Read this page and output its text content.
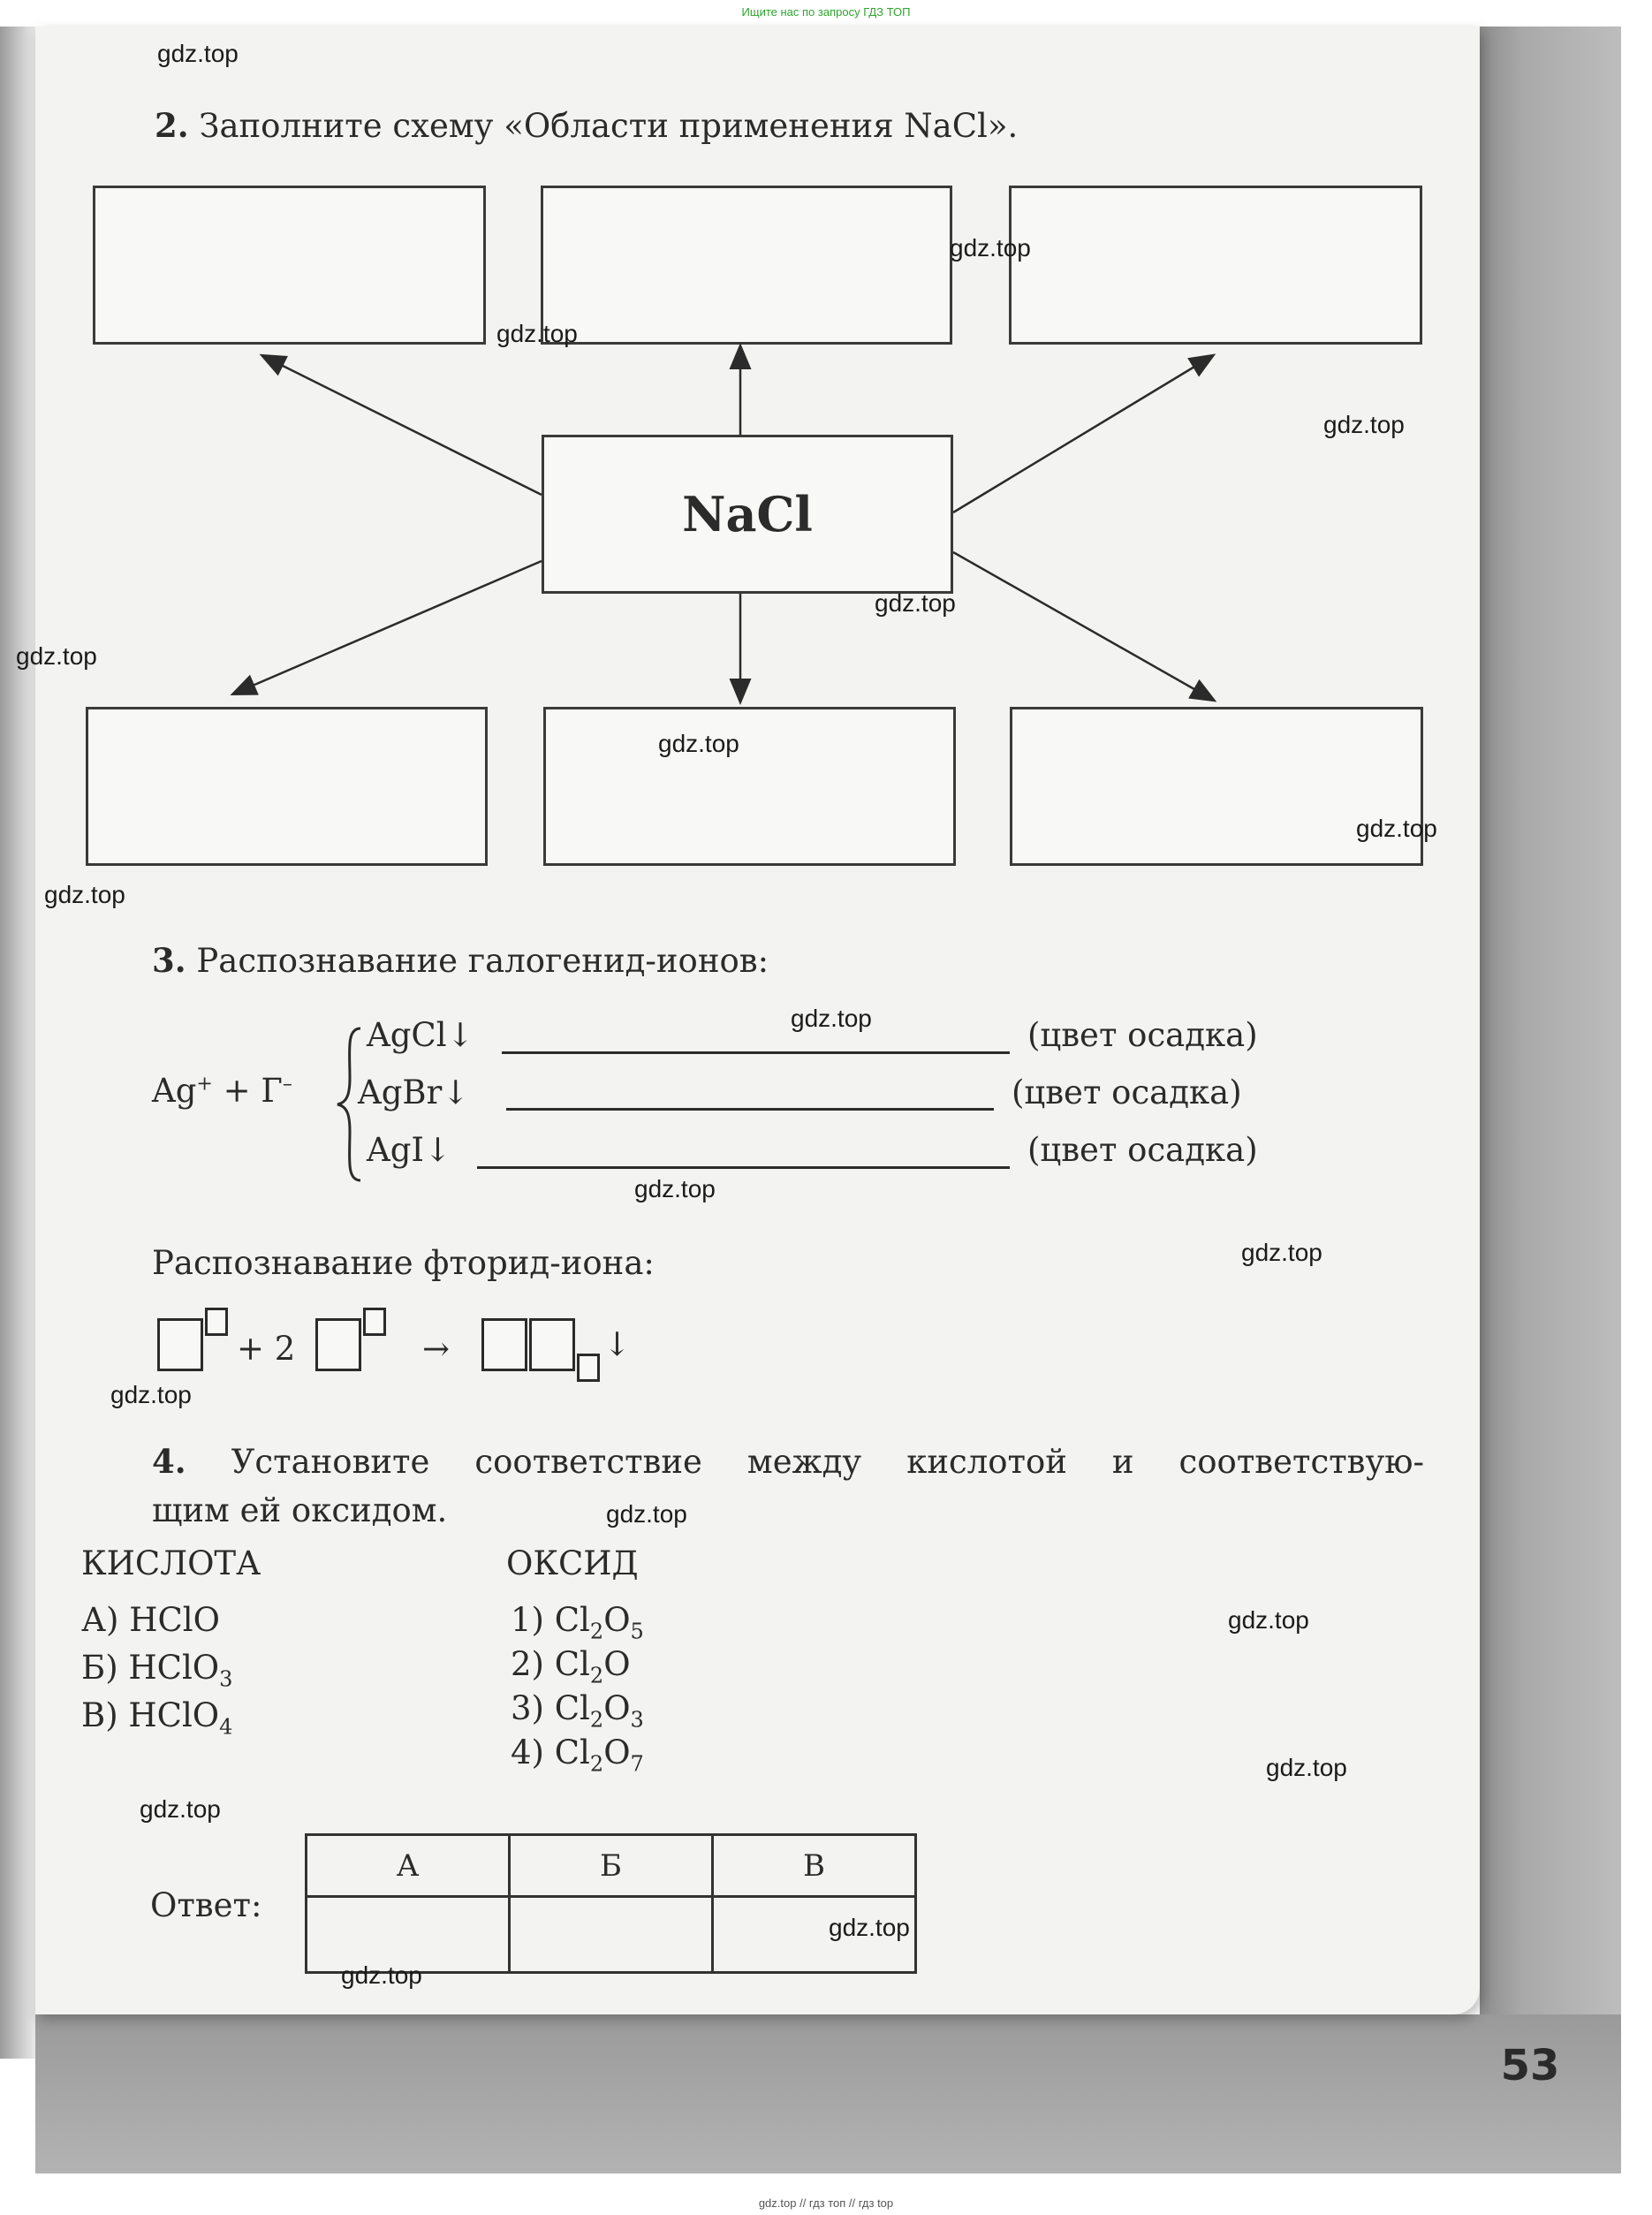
Ищите нас по запросу ГДЗ ТОП
53
gdz.top // гдз топ // гдз top
2. Заполните схему «Области применения NaCl».
NaCl
3. Распознавание галогенид-ионов:
Ag+ + Г–
AgCl↓	(цвет осадка)
AgBr↓	(цвет осадка)
AgI↓	(цвет осадка)
Распознавание фторид-иона:
+ 2	→	↓
4. Установите соответствие между кислотой и соответствую-
щим ей оксидом.
КИСЛОТА	ОКСИД
А) HClO
Б) HClO$_3$
В) HClO$_4$
1) $Cl_2O_5$
2) $Cl_2O$
3) $Cl_2O_3$
4) $Cl_2O_7$
Ответ:
А	Б	В

gdz.top
gdz.top
gdz.top
gdz.top
gdz.top
gdz.top
gdz.top
gdz.top
gdz.top
gdz.top
gdz.top
gdz.top
gdz.top
gdz.top
gdz.top
gdz.top
gdz.top
gdz.top
gdz.top
